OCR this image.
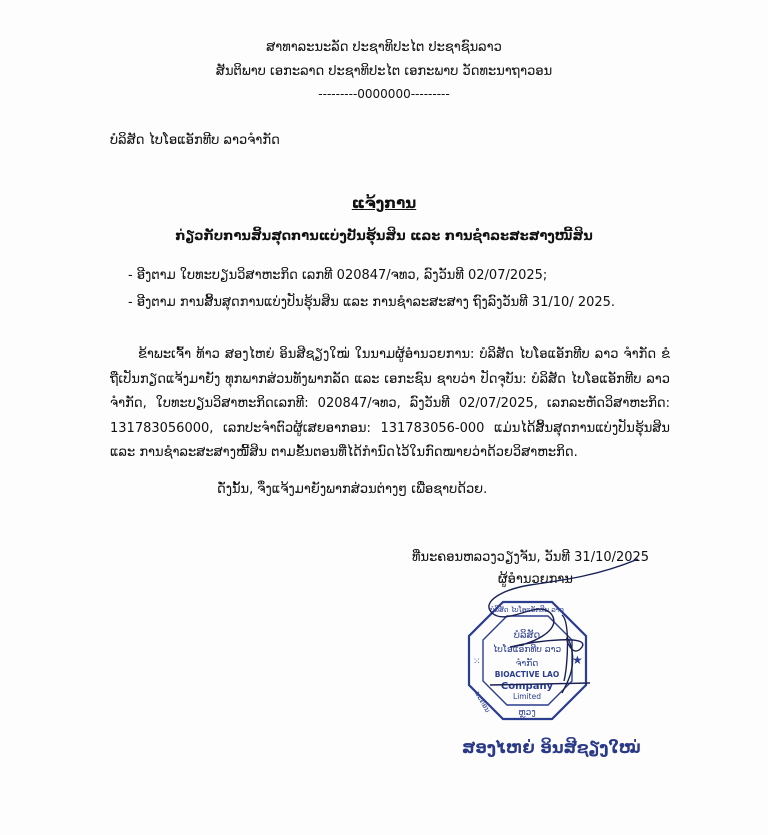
ສາທາລະນະລັດ ປະຊາທິປະໄຕ ປະຊາຊົນລາວ
ສັນຕິພາບ ເອກະລາດ ປະຊາທິປະໄຕ ເອກະພາບ ວັດທະນາຖາວອນ
---------0000000---------
ບໍລິສັດ ໄບໂອແອັກທີບ ລາວຈຳກັດ
ແຈ້ງການ
ກ່ຽວກັບການສິ້ນສຸດການແບ່ງປັນຮຸ້ນສິນ ແລະ ການຊຳລະສະສາງໜີ້ສິນ
- ອີງຕາມ ໃບທະບຽນວິສາຫະກິດ ເລກທີ 020847/ຈທວ, ລົງວັນທີ 02/07/2025;
- ອີງຕາມ ການສິ້ນສຸດການແບ່ງປັນຮຸ້ນສິນ ແລະ ການຊຳລະສະສາງ ຖົງລົງວັນທີ 31/10/ 2025.
ຂ້າພະເຈົ້າ ທ້າວ ສອງໄຫຍ່ ອິນສີຊຽງໃໝ່ ໃນນາມຜູ້ອຳນວຍການ: ບໍລິສັດ ໄບໂອແອັກທີບ ລາວ ຈຳກັດ ຂໍຖືເປັນກຽດແຈ້ງມາຍັງ ທຸກພາກສ່ວນທັງພາກລັດ ແລະ ເອກະຊົນ ຊາບວ່າ ປັດຈຸບັນ: ບໍລິສັດ ໄບໂອແອັກທີບ ລາວ ຈຳກັດ, ໃບທະບຽນວິສາຫະກິດເລກທີ: 020847/ຈທວ, ລົງວັນທີ 02/07/2025, ເລກລະຫັດວິສາຫະກິດ: 131783056000, ເລກປະຈຳຕົວຜູ້ເສຍອາກອນ: 131783056-000 ແມ່ນໄດ້ສິ້ນສຸດການແບ່ງປັນຮຸ້ນສິນ ແລະ ການຊຳລະສະສາງໜີ້ສິນ ຕາມຂັ້ນຕອນທີ່ໄດ້ກຳນົດໄວ້ໃນກົດໝາຍວ່າດ້ວຍວິສາຫະກິດ.
ດັ່ງນັ້ນ, ຈຶ່ງແຈ້ງມາຍັງພາກສ່ວນຕ່າງໆ ເພື່ອຊາບດ້ວຍ.
ທີ່ນະຄອນຫລວງວຽງຈັນ, ວັນທີ 31/10/2025
ຜູ້ອຳນວຍການ
ບໍລິສັດ ໄບໂອແອັກທີບ ລາວ
ບໍລິສັດ
ໄບໂອແອັກທີບ ລາວ
ຈຳກັດ
BIOACTIVE LAO
Company
Limited
ຫຼວງ
ນະຄອນ
★
⁙
ສອງໄຫຍ່ ອິນສີຊຽງໃໝ່
